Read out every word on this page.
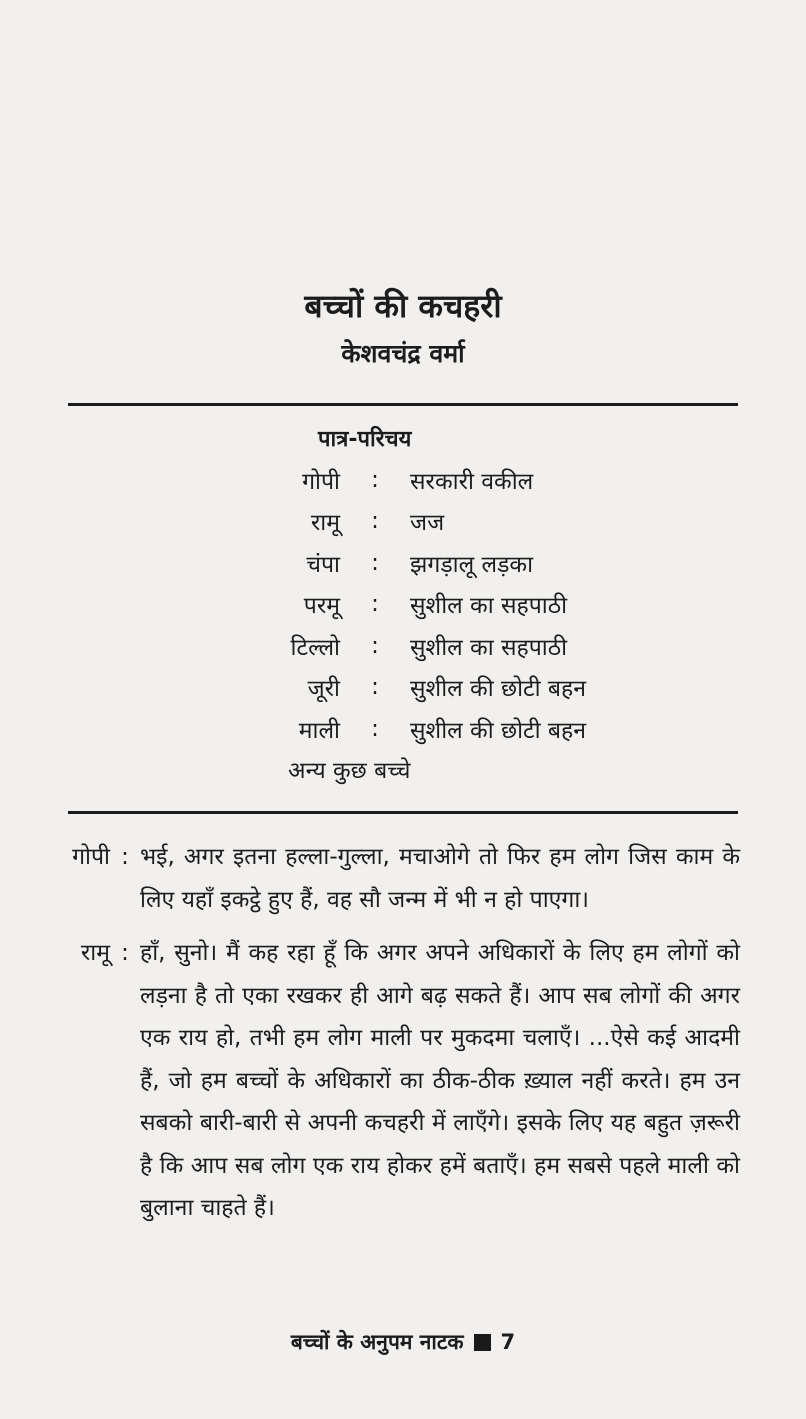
बच्चों की कचहरी
केशवचंद्र वर्मा
पात्र-परिचय
गोपी	:	सरकारी वकील
रामू	:	जज
चंपा	:	झगड़ालू लड़का
परमू	:	सुशील का सहपाठी
टिल्लो	:	सुशील का सहपाठी
जूरी	:	सुशील की छोटी बहन
माली	:	सुशील की छोटी बहन
अन्य कुछ बच्चे
गोपी : भई, अगर इतना हल्ला-गुल्ला, मचाओगे तो फिर हम लोग जिस काम के लिए यहाँ इकट्ठे हुए हैं, वह सौ जन्म में भी न हो पाएगा।

रामू : हाँ, सुनो। मैं कह रहा हूँ कि अगर अपने अधिकारों के लिए हम लोगों को लड़ना है तो एका रखकर ही आगे बढ़ सकते हैं। आप सब लोगों की अगर एक राय हो, तभी हम लोग माली पर मुकदमा चलाएँ। ...ऐसे कई आदमी हैं, जो हम बच्चों के अधिकारों का ठीक-ठीक ख़्याल नहीं करते। हम उन सबको बारी-बारी से अपनी कचहरी में लाएँगे। इसके लिए यह बहुत ज़रूरी है कि आप सब लोग एक राय होकर हमें बताएँ। हम सबसे पहले माली को बुलाना चाहते हैं।

बच्चों के अनुपम नाटक 7
